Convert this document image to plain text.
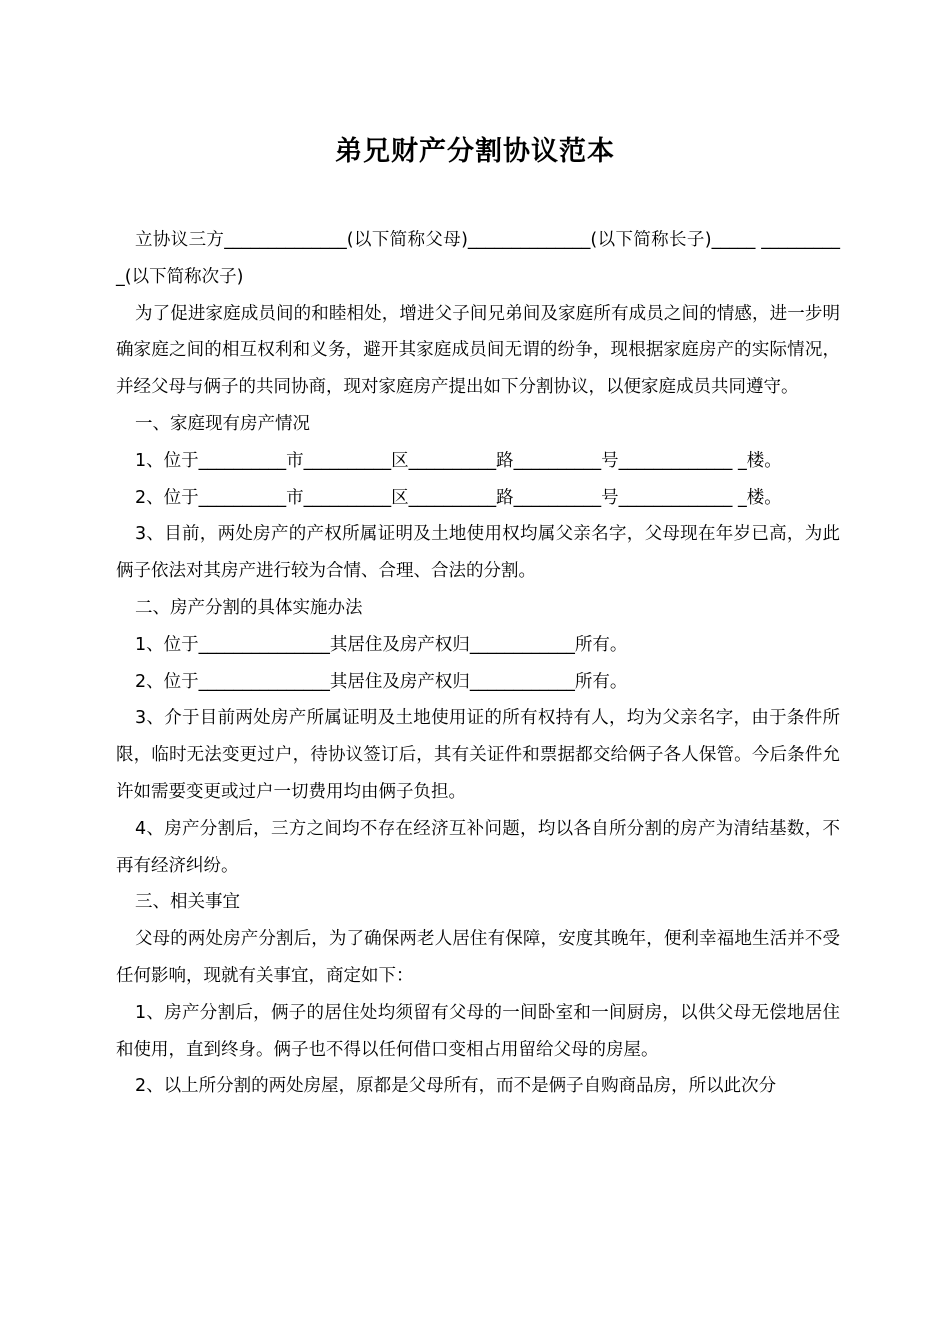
弟兄财产分割协议范本

立协议三方______________(以下简称父母)______________(以下简称长子)_____ __________(以下简称次子)

为了促进家庭成员间的和睦相处，增进父子间兄弟间及家庭所有成员之间的情感，进一步明确家庭之间的相互权利和义务，避开其家庭成员间无谓的纷争，现根据家庭房产的实际情况，并经父母与俩子的共同协商，现对家庭房产提出如下分割协议，以便家庭成员共同遵守。

一、家庭现有房产情况

1、位于__________市__________区__________路__________号_____________ _楼。

2、位于__________市__________区__________路__________号_____________ _楼。

3、目前，两处房产的产权所属证明及土地使用权均属父亲名字，父母现在年岁已高，为此俩子依法对其房产进行较为合情、合理、合法的分割。

二、房产分割的具体实施办法

1、位于_______________其居住及房产权归____________所有。

2、位于_______________其居住及房产权归____________所有。

3、介于目前两处房产所属证明及土地使用证的所有权持有人，均为父亲名字，由于条件所限，临时无法变更过户，待协议签订后，其有关证件和票据都交给俩子各人保管。今后条件允许如需要变更或过户一切费用均由俩子负担。

4、房产分割后，三方之间均不存在经济互补问题，均以各自所分割的房产为清结基数，不再有经济纠纷。

三、相关事宜

父母的两处房产分割后，为了确保两老人居住有保障，安度其晚年，便利幸福地生活并不受任何影响，现就有关事宜，商定如下：

1、房产分割后，俩子的居住处均须留有父母的一间卧室和一间厨房，以供父母无偿地居住和使用，直到终身。俩子也不得以任何借口变相占用留给父母的房屋。

2、以上所分割的两处房屋，原都是父母所有，而不是俩子自购商品房，所以此次分
